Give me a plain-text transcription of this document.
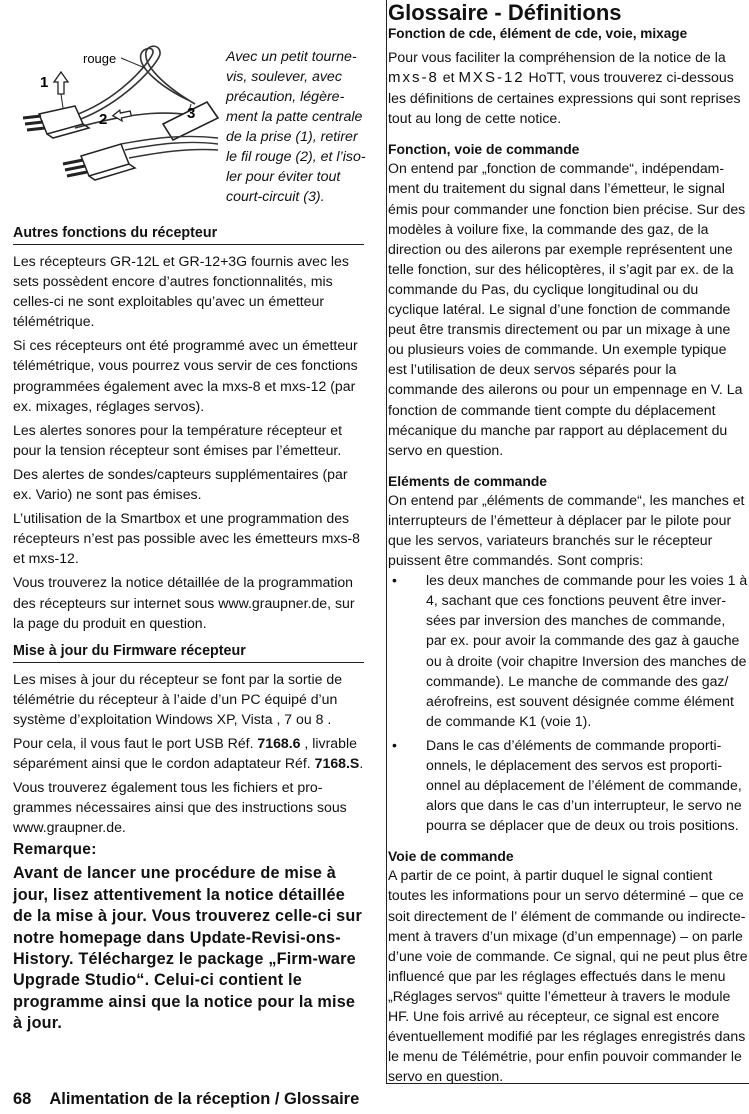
rouge
1
2	3
Avec un petit tourne-vis, soulever, avec précaution, légère-ment la patte centrale de la prise (1), retirer le fil rouge (2), et l’iso-ler pour éviter tout court-circuit (3).
Autres fonctions du récepteur

Les récepteurs GR-12L et GR-12+3G fournis avec les sets possèdent encore d’autres fonctionnalités, mis celles-ci ne sont exploitables qu’avec un émetteur télémétrique.

Si ces récepteurs ont été programmé avec un émetteur télémétrique, vous pourrez vous servir de ces fonctions programmées également avec la mxs-8 et mxs-12 (par ex. mixages, réglages servos).

Les alertes sonores pour la température récepteur et pour la tension récepteur sont émises par l’émetteur.

Des alertes de sondes/capteurs supplémentaires (par ex. Vario) ne sont pas émises.

L’utilisation de la Smartbox et une programmation des récepteurs n’est pas possible avec les émetteurs mxs-8 et mxs-12.

Vous trouverez la notice détaillée de la programmation des récepteurs sur internet sous www.graupner.de, sur la page du produit en question.

Mise à jour du Firmware récepteur

Les mises à jour du récepteur se font par la sortie de télémétrie du récepteur à l’aide d’un PC équipé d’un système d’exploitation Windows XP, Vista , 7 ou 8 .

Pour cela, il vous faut le port USB Réf. 7168.6 , livrable séparément ainsi que le cordon adaptateur Réf. 7168.S.

Vous trouverez également tous les fichiers et pro-grammes nécessaires ainsi que des instructions sous www.graupner.de.

Remarque:
Avant de lancer une procédure de mise à jour, lisez attentivement la notice détaillée de la mise à jour. Vous trouverez celle-ci sur notre homepage dans Update-Revisi-ons-History. Téléchargez le package „Firm-ware Upgrade Studio“. Celui-ci contient le programme ainsi que la notice pour la mise à jour.
Glossaire - Définitions
Fonction de cde, élément de cde, voie, mixage

Pour vous faciliter la compréhension de la notice de la mxs-8 et MXS-12 HoTT, vous trouverez ci-dessous les définitions de certaines expressions qui sont reprises tout au long de cette notice.

Fonction, voie de commande

On entend par „fonction de commande“, indépendam-ment du traitement du signal dans l’émetteur, le signal émis pour commander une fonction bien précise. Sur des modèles à voilure fixe, la commande des gaz, de la direction ou des ailerons par exemple représentent une telle fonction, sur des hélicoptères, il s’agit par ex. de la commande du Pas, du cyclique longitudinal ou du cyclique latéral. Le signal d’une fonction de commande peut être transmis directement ou par un mixage à une ou plusieurs voies de commande. Un exemple typique est l’utilisation de deux servos séparés pour la commande des ailerons ou pour un empennage en V. La fonction de commande tient compte du déplacement mécanique du manche par rapport au déplacement du servo en question.

Eléments de commande

On entend par „éléments de commande“, les manches et interrupteurs de l’émetteur à déplacer par le pilote pour que les servos, variateurs branchés sur le récepteur puissent être commandés. Sont compris:

•	les deux manches de commande pour les voies 1 à 4, sachant que ces fonctions peuvent être inver-sées par inversion des manches de commande, par ex. pour avoir la commande des gaz à gauche ou à droite (voir chapitre Inversion des manches de commande). Le manche de commande des gaz/ aérofreins, est souvent désignée comme élément de commande K1 (voie 1).
•	Dans le cas d’éléments de commande proporti-onnels, le déplacement des servos est proporti-onnel au déplacement de l’élément de commande, alors que dans le cas d’un interrupteur, le servo ne pourra se déplacer que de deux ou trois positions.
Voie de commande

A partir de ce point, à partir duquel le signal contient toutes les informations pour un servo déterminé – que ce soit directement de l’ élément de commande ou indirecte-ment à travers d’un mixage (d’un empennage) – on parle d’une voie de commande. Ce signal, qui ne peut plus être influencé que par les réglages effectués dans le menu „Réglages servos“ quitte l’émetteur à travers le module HF. Une fois arrivé au récepteur, ce signal est encore éventuellement modifié par les réglages enregistrés dans le menu de Télémétrie, pour enfin pouvoir commander le servo en question.

68 Alimentation de la réception / Glossaire
